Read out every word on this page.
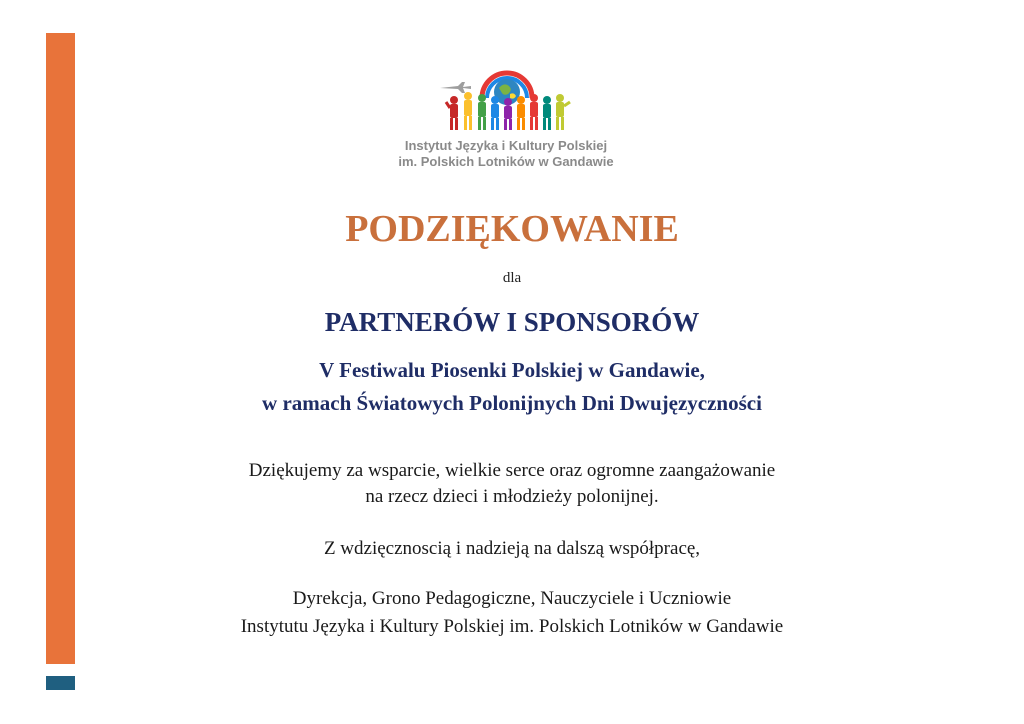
Instytut Języka i Kultury Polskiej
im. Polskich Lotników w Gandawie
PODZIĘKOWANIE
dla
PARTNERÓW I SPONSORÓW
V Festiwalu Piosenki Polskiej w Gandawie,
w ramach Światowych Polonijnych Dni Dwujęzyczności
Dziękujemy za wsparcie, wielkie serce oraz ogromne zaangażowanie
na rzecz dzieci i młodzieży polonijnej.
Z wdzięcznoscią i nadzieją na dalszą współpracę,
Dyrekcja, Grono Pedagogiczne, Nauczyciele i Uczniowie
Instytutu Języka i Kultury Polskiej im. Polskich Lotników w Gandawie
